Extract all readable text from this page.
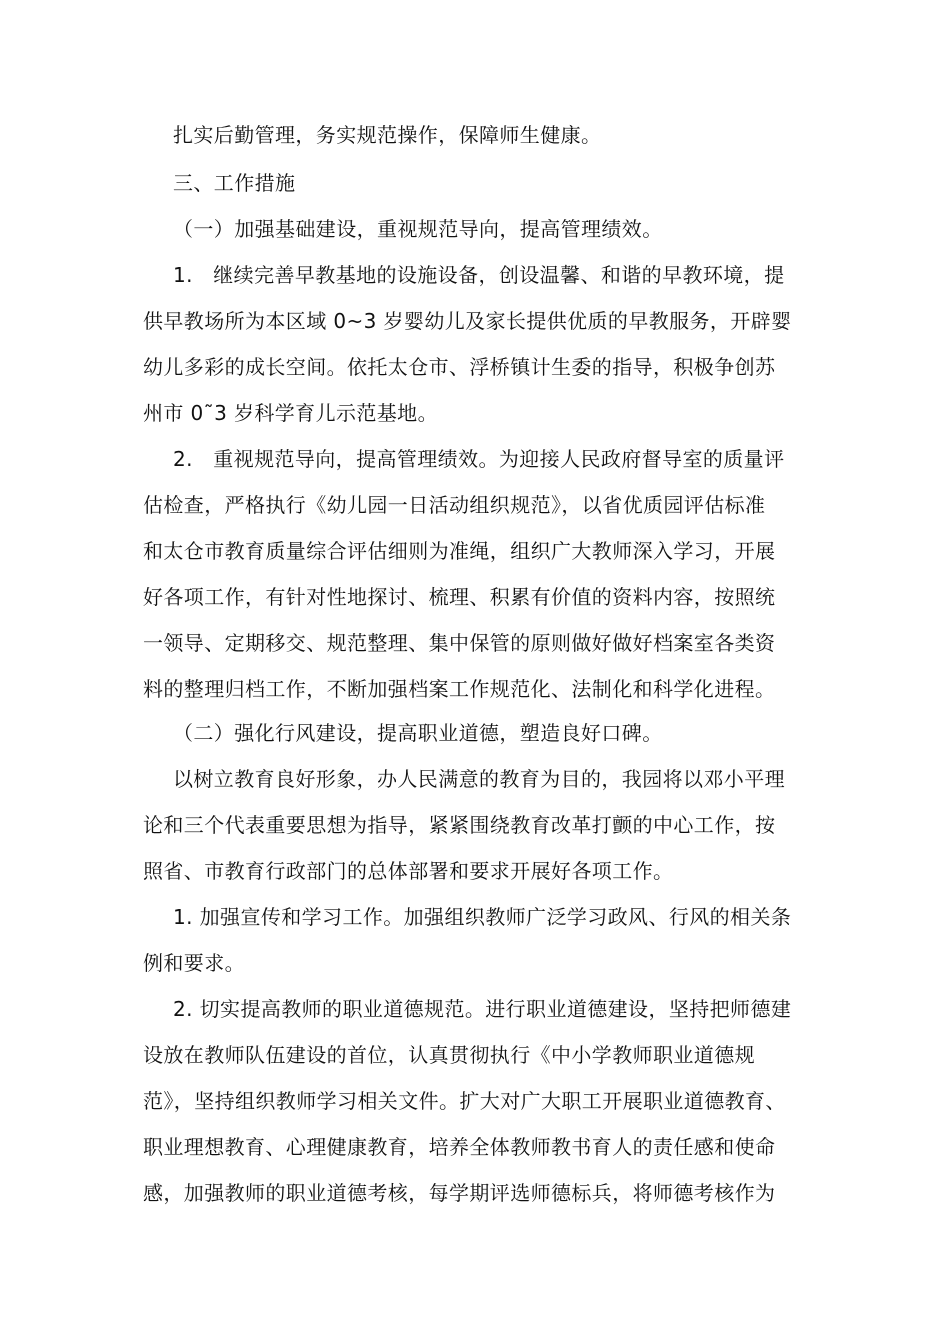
扎实后勤管理，务实规范操作，保障师生健康。
三、工作措施
（一）加强基础建设，重视规范导向，提高管理绩效。
1.　继续完善早教基地的设施设备，创设温馨、和谐的早教环境，提
供早教场所为本区域 0~3 岁婴幼儿及家长提供优质的早教服务，开辟婴
幼儿多彩的成长空间。依托太仓市、浮桥镇计生委的指导，积极争创苏
州市 0˜3 岁科学育儿示范基地。
2.　重视规范导向，提高管理绩效。为迎接人民政府督导室的质量评
估检查，严格执行《幼儿园一日活动组织规范》，以省优质园评估标准
和太仓市教育质量综合评估细则为准绳，组织广大教师深入学习，开展
好各项工作，有针对性地探讨、梳理、积累有价值的资料内容，按照统
一领导、定期移交、规范整理、集中保管的原则做好做好档案室各类资
料的整理归档工作，不断加强档案工作规范化、法制化和科学化进程。
（二）强化行风建设，提高职业道德，塑造良好口碑。
以树立教育良好形象，办人民满意的教育为目的，我园将以邓小平理
论和三个代表重要思想为指导，紧紧围绕教育改革打颤的中心工作，按
照省、市教育行政部门的总体部署和要求开展好各项工作。
1. 加强宣传和学习工作。加强组织教师广泛学习政风、行风的相关条
例和要求。
2. 切实提高教师的职业道德规范。进行职业道德建设，坚持把师德建
设放在教师队伍建设的首位，认真贯彻执行《中小学教师职业道德规
范》，坚持组织教师学习相关文件。扩大对广大职工开展职业道德教育、
职业理想教育、心理健康教育，培养全体教师教书育人的责任感和使命
感，加强教师的职业道德考核，每学期评选师德标兵，将师德考核作为
